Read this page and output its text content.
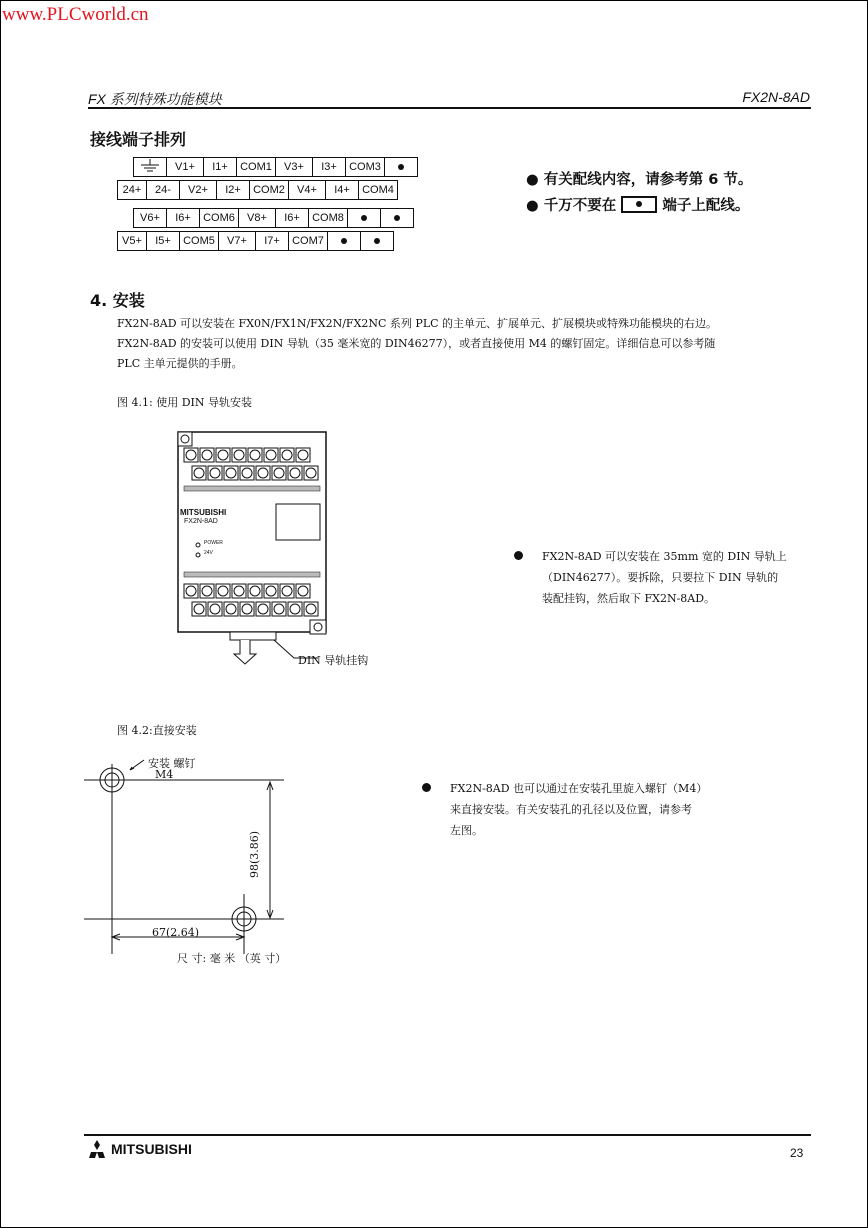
www.PLCworld.cn
FX 系列特殊功能模块	FX2N-8AD
接线端子排列
	V1+	I1+	COM1	V3+	I3+	COM3	
24+	24-	V2+	I2+	COM2	V4+	I4+	COM4
V6+	I6+	COM6	V8+	I6+	COM8		
V5+	I5+	COM5	V7+	I7+	COM7		
● 有关配线内容，请参考第 6 节。
● 千万不要在	端子上配线。
4. 安装
FX2N-8AD 可以安装在 FX0N/FX1N/FX2N/FX2NC 系列 PLC 的主单元、扩展单元、扩展模块或特殊功能模块的右边。
FX2N-8AD 的安装可以使用 DIN 导轨（35 毫米宽的 DIN46277），或者直接使用 M4 的螺钉固定。详细信息可以参考随
PLC 主单元提供的手册。
图 4.1: 使用 DIN 导轨安装
MITSUBISHI
FX2N-8AD
POWER
24V
DIN 导轨挂钩
FX2N-8AD 可以安装在 35mm 宽的 DIN 导轨上
（DIN46277）。要拆除，只要拉下 DIN 导轨的
装配挂钩，然后取下 FX2N-8AD。
图 4.2:直接安装
安装 螺钉
M4
98(3.86)
67(2.64)
尺 寸: 毫 米 （英 寸）
FX2N-8AD 也可以通过在安装孔里旋入螺钉（M4）
来直接安装。有关安装孔的孔径以及位置，请参考
左图。
MITSUBISHI	23
